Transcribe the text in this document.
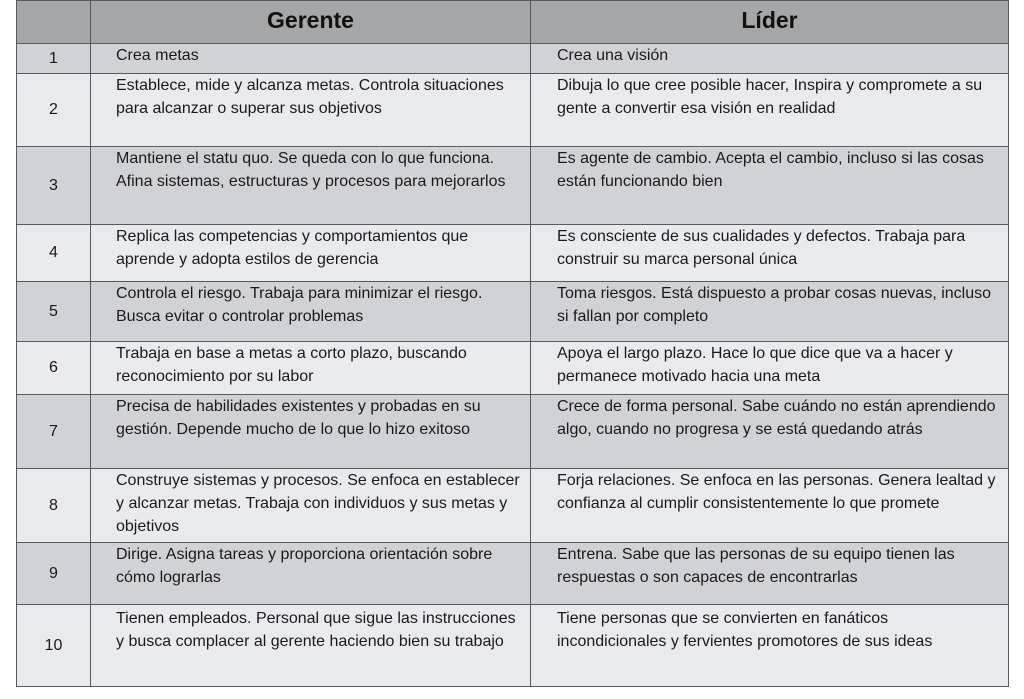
	Gerente	Líder
1	Crea metas	Crea una visión
2	Establece, mide y alcanza metas. Controla situaciones para alcanzar o superar sus objetivos	Dibuja lo que cree posible hacer, Inspira y compromete a su gente a convertir esa visión en realidad
3	Mantiene el statu quo. Se queda con lo que funciona. Afina sistemas, estructuras y procesos para mejorarlos	Es agente de cambio. Acepta el cambio, incluso si las cosas están funcionando bien
4	Replica las competencias y comportamientos que aprende y adopta estilos de gerencia	Es consciente de sus cualidades y defectos. Trabaja para construir su marca personal única
5	Controla el riesgo. Trabaja para minimizar el riesgo. Busca evitar o controlar problemas	Toma riesgos. Está dispuesto a probar cosas nuevas, incluso si fallan por completo
6	Trabaja en base a metas a corto plazo, buscando reconocimiento por su labor	Apoya el largo plazo. Hace lo que dice que va a hacer y permanece motivado hacia una meta
7	Precisa de habilidades existentes y probadas en su gestión. Depende mucho de lo que lo hizo exitoso	Crece de forma personal. Sabe cuándo no están aprendiendo algo, cuando no progresa y se está quedando atrás
8	Construye sistemas y procesos. Se enfoca en establecer y alcanzar metas. Trabaja con individuos y sus metas y objetivos	Forja relaciones. Se enfoca en las personas. Genera lealtad y confianza al cumplir consistentemente lo que promete
9	Dirige. Asigna tareas y proporciona orientación sobre cómo lograrlas	Entrena. Sabe que las personas de su equipo tienen las respuestas o son capaces de encontrarlas
10	Tienen empleados. Personal que sigue las instrucciones y busca complacer al gerente haciendo bien su trabajo	Tiene personas que se convierten en fanáticos incondicionales y fervientes promotores de sus ideas
